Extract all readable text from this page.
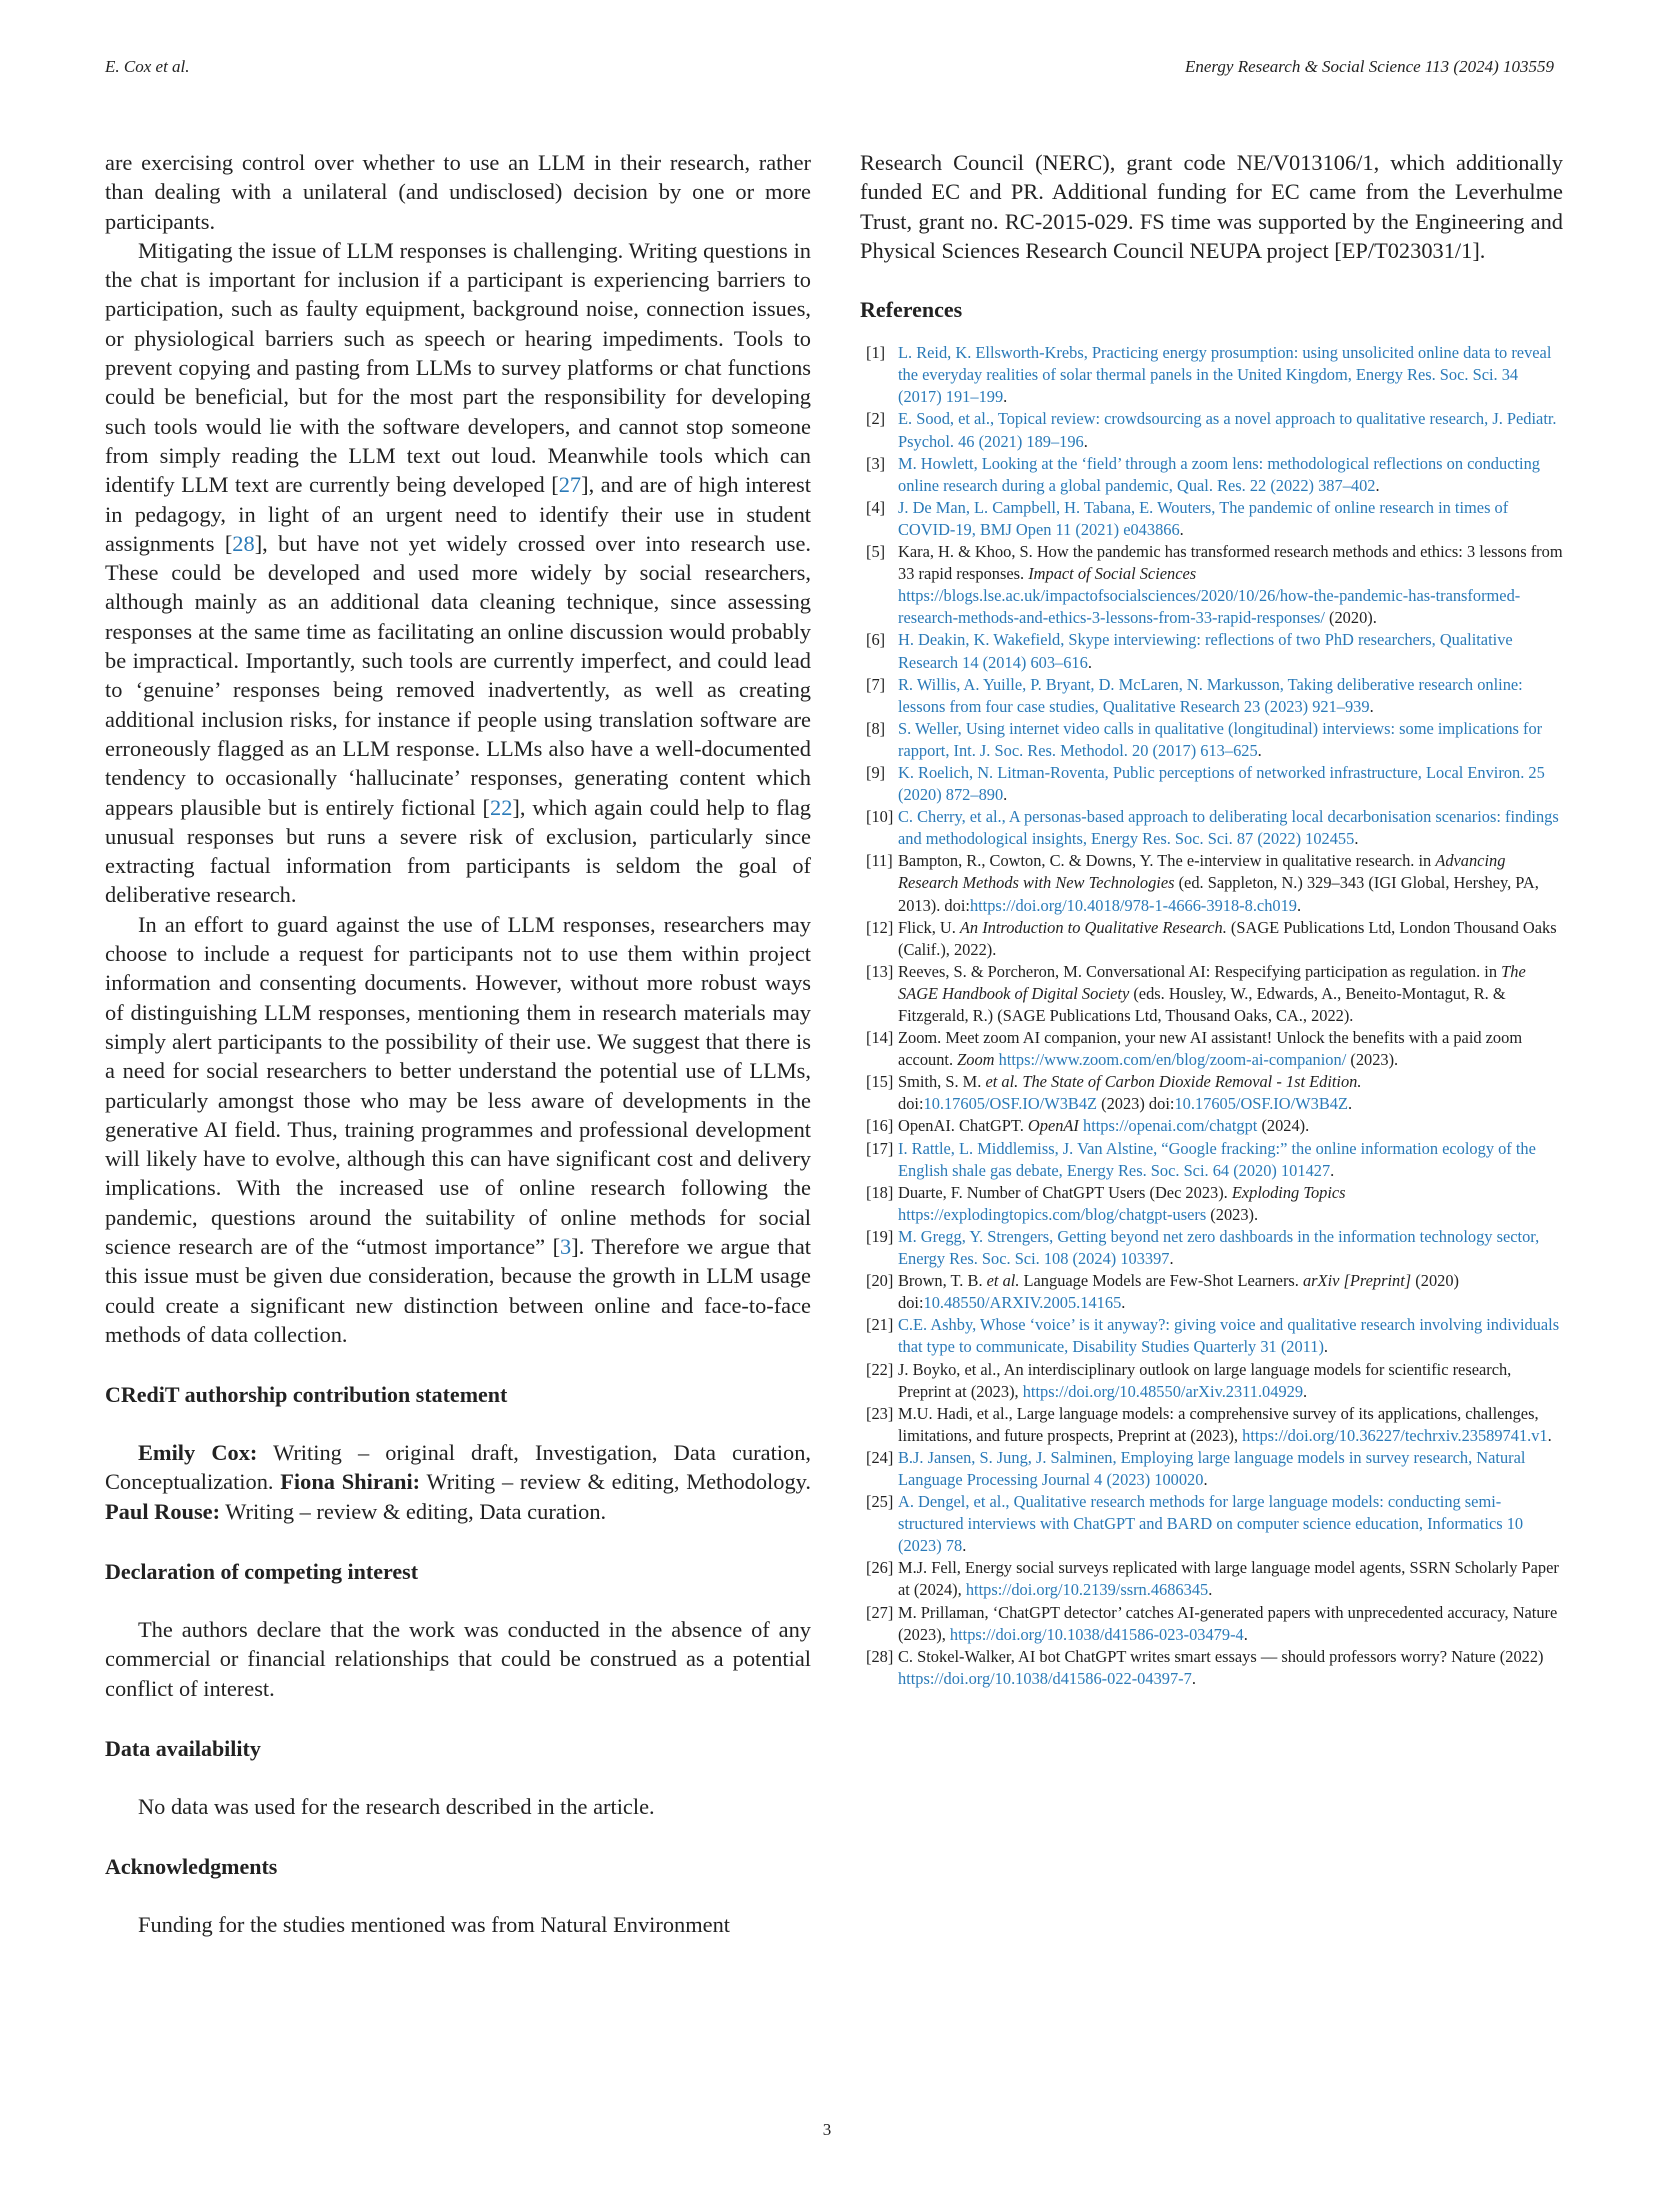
E. Cox et al.	Energy Research & Social Science 113 (2024) 103559

are exercising control over whether to use an LLM in their research, rather than dealing with a unilateral (and undisclosed) decision by one or more participants.

Mitigating the issue of LLM responses is challenging. Writing questions in the chat is important for inclusion if a participant is experiencing barriers to participation, such as faulty equipment, background noise, connection issues, or physiological barriers such as speech or hearing impediments. Tools to prevent copying and pasting from LLMs to survey platforms or chat functions could be beneficial, but for the most part the responsibility for developing such tools would lie with the software developers, and cannot stop someone from simply reading the LLM text out loud. Meanwhile tools which can identify LLM text are currently being developed [27], and are of high interest in pedagogy, in light of an urgent need to identify their use in student assignments [28], but have not yet widely crossed over into research use. These could be developed and used more widely by social researchers, although mainly as an additional data cleaning technique, since assessing responses at the same time as facilitating an online discussion would probably be impractical. Importantly, such tools are currently imperfect, and could lead to ‘genuine’ responses being removed inadvertently, as well as creating additional inclusion risks, for instance if people using translation software are erroneously flagged as an LLM response. LLMs also have a well-documented tendency to occasionally ‘hallucinate’ responses, generating content which appears plausible but is entirely fictional [22], which again could help to flag unusual responses but runs a severe risk of exclusion, particularly since extracting factual information from participants is seldom the goal of deliberative research.

In an effort to guard against the use of LLM responses, researchers may choose to include a request for participants not to use them within project information and consenting documents. However, without more robust ways of distinguishing LLM responses, mentioning them in research materials may simply alert participants to the possibility of their use. We suggest that there is a need for social researchers to better understand the potential use of LLMs, particularly amongst those who may be less aware of developments in the generative AI field. Thus, training programmes and professional development will likely have to evolve, although this can have significant cost and delivery implications. With the increased use of online research following the pandemic, questions around the suitability of online methods for social science research are of the “utmost importance” [3]. Therefore we argue that this issue must be given due consideration, because the growth in LLM usage could create a significant new distinction between online and face-to-face methods of data collection.

CRediT authorship contribution statement

Emily Cox: Writing – original draft, Investigation, Data curation, Conceptualization. Fiona Shirani: Writing – review & editing, Methodology. Paul Rouse: Writing – review & editing, Data curation.

Declaration of competing interest

The authors declare that the work was conducted in the absence of any commercial or financial relationships that could be construed as a potential conflict of interest.

Data availability

No data was used for the research described in the article.

Acknowledgments

Funding for the studies mentioned was from Natural Environment

Research Council (NERC), grant code NE/V013106/1, which additionally funded EC and PR. Additional funding for EC came from the Leverhulme Trust, grant no. RC-2015-029. FS time was supported by the Engineering and Physical Sciences Research Council NEUPA project [EP/T023031/1].

References
[1] L. Reid, K. Ellsworth-Krebs, Practicing energy prosumption: using unsolicited online data to reveal the everyday realities of solar thermal panels in the United Kingdom, Energy Res. Soc. Sci. 34 (2017) 191–199.
[2] E. Sood, et al., Topical review: crowdsourcing as a novel approach to qualitative research, J. Pediatr. Psychol. 46 (2021) 189–196.
[3] M. Howlett, Looking at the ‘field’ through a zoom lens: methodological reflections on conducting online research during a global pandemic, Qual. Res. 22 (2022) 387–402.
[4] J. De Man, L. Campbell, H. Tabana, E. Wouters, The pandemic of online research in times of COVID-19, BMJ Open 11 (2021) e043866.
[5] Kara, H. & Khoo, S. How the pandemic has transformed research methods and ethics: 3 lessons from 33 rapid responses. Impact of Social Sciences https://blogs.lse.ac.uk/impactofsocialsciences/2020/10/26/how-the-pandemic-has-transformed-research-methods-and-ethics-3-lessons-from-33-rapid-responses/ (2020).
[6] H. Deakin, K. Wakefield, Skype interviewing: reflections of two PhD researchers, Qualitative Research 14 (2014) 603–616.
[7] R. Willis, A. Yuille, P. Bryant, D. McLaren, N. Markusson, Taking deliberative research online: lessons from four case studies, Qualitative Research 23 (2023) 921–939.
[8] S. Weller, Using internet video calls in qualitative (longitudinal) interviews: some implications for rapport, Int. J. Soc. Res. Methodol. 20 (2017) 613–625.
[9] K. Roelich, N. Litman-Roventa, Public perceptions of networked infrastructure, Local Environ. 25 (2020) 872–890.
[10] C. Cherry, et al., A personas-based approach to deliberating local decarbonisation scenarios: findings and methodological insights, Energy Res. Soc. Sci. 87 (2022) 102455.
[11] Bampton, R., Cowton, C. & Downs, Y. The e-interview in qualitative research. in Advancing Research Methods with New Technologies (ed. Sappleton, N.) 329–343 (IGI Global, Hershey, PA, 2013). doi:https://doi.org/10.4018/978-1-4666-3918-8.ch019.
[12] Flick, U. An Introduction to Qualitative Research. (SAGE Publications Ltd, London Thousand Oaks (Calif.), 2022).
[13] Reeves, S. & Porcheron, M. Conversational AI: Respecifying participation as regulation. in The SAGE Handbook of Digital Society (eds. Housley, W., Edwards, A., Beneito-Montagut, R. & Fitzgerald, R.) (SAGE Publications Ltd, Thousand Oaks, CA., 2022).
[14] Zoom. Meet zoom AI companion, your new AI assistant! Unlock the benefits with a paid zoom account. Zoom https://www.zoom.com/en/blog/zoom-ai-companion/ (2023).
[15] Smith, S. M. et al. The State of Carbon Dioxide Removal - 1st Edition. doi:10.17605/OSF.IO/W3B4Z (2023) doi:10.17605/OSF.IO/W3B4Z.
[16] OpenAI. ChatGPT. OpenAI https://openai.com/chatgpt (2024).
[17] I. Rattle, L. Middlemiss, J. Van Alstine, “Google fracking:” the online information ecology of the English shale gas debate, Energy Res. Soc. Sci. 64 (2020) 101427.
[18] Duarte, F. Number of ChatGPT Users (Dec 2023). Exploding Topics https://explodingtopics.com/blog/chatgpt-users (2023).
[19] M. Gregg, Y. Strengers, Getting beyond net zero dashboards in the information technology sector, Energy Res. Soc. Sci. 108 (2024) 103397.
[20] Brown, T. B. et al. Language Models are Few-Shot Learners. arXiv [Preprint] (2020) doi:10.48550/ARXIV.2005.14165.
[21] C.E. Ashby, Whose ‘voice’ is it anyway?: giving voice and qualitative research involving individuals that type to communicate, Disability Studies Quarterly 31 (2011).
[22] J. Boyko, et al., An interdisciplinary outlook on large language models for scientific research, Preprint at (2023), https://doi.org/10.48550/arXiv.2311.04929.
[23] M.U. Hadi, et al., Large language models: a comprehensive survey of its applications, challenges, limitations, and future prospects, Preprint at (2023), https://doi.org/10.36227/techrxiv.23589741.v1.
[24] B.J. Jansen, S. Jung, J. Salminen, Employing large language models in survey research, Natural Language Processing Journal 4 (2023) 100020.
[25] A. Dengel, et al., Qualitative research methods for large language models: conducting semi-structured interviews with ChatGPT and BARD on computer science education, Informatics 10 (2023) 78.
[26] M.J. Fell, Energy social surveys replicated with large language model agents, SSRN Scholarly Paper at (2024), https://doi.org/10.2139/ssrn.4686345.
[27] M. Prillaman, ‘ChatGPT detector’ catches AI-generated papers with unprecedented accuracy, Nature (2023), https://doi.org/10.1038/d41586-023-03479-4.
[28] C. Stokel-Walker, AI bot ChatGPT writes smart essays — should professors worry? Nature (2022) https://doi.org/10.1038/d41586-022-04397-7.
3
